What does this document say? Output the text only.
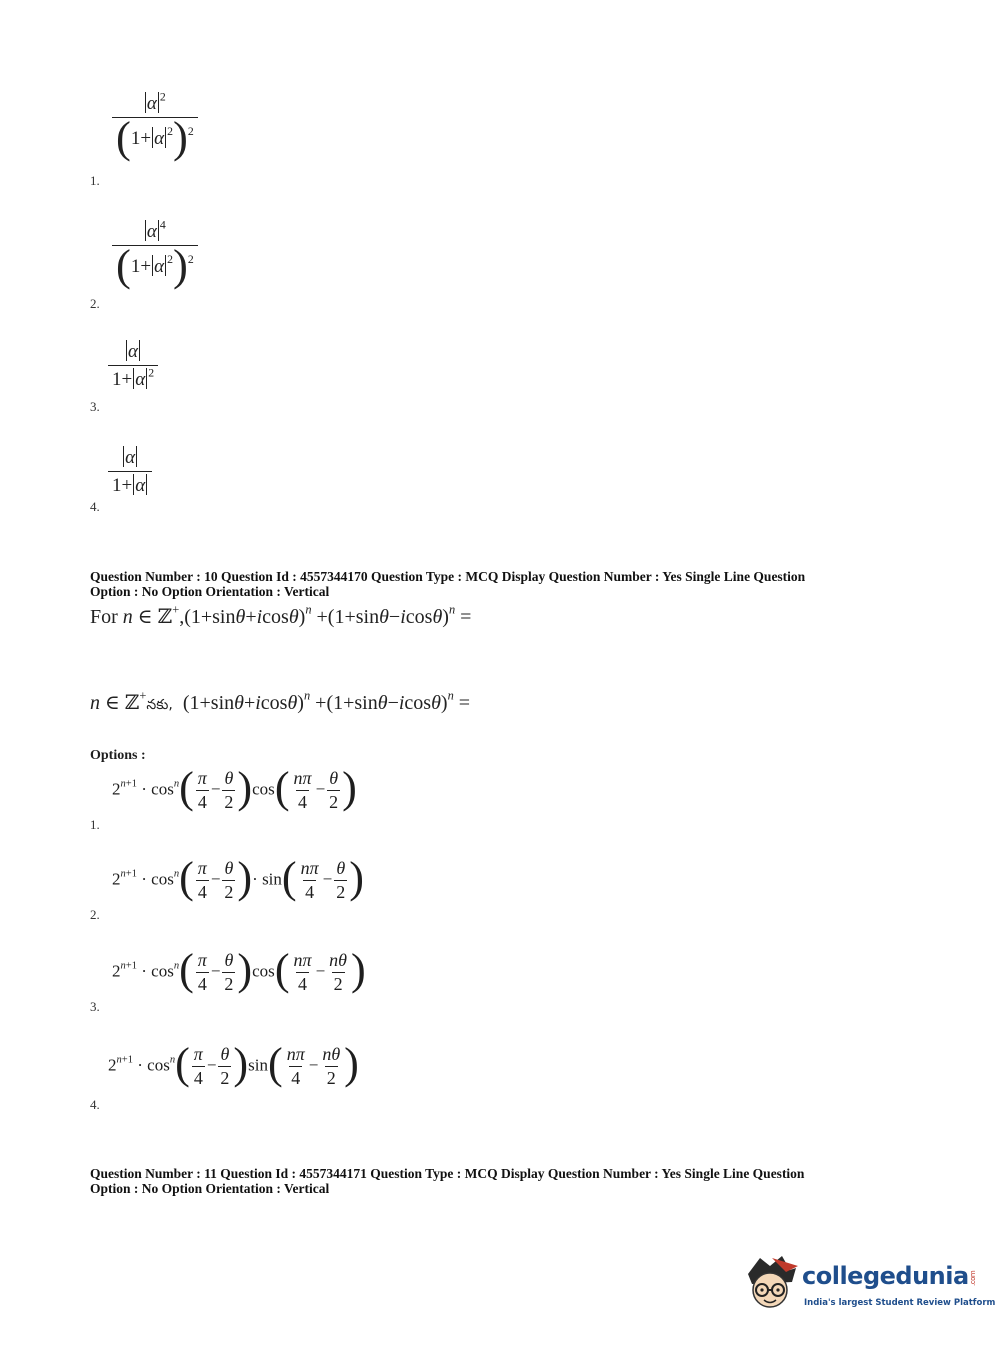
$\frac{\alpha ^2}{(1+ \alpha ^2)^2}$
1.
$\frac{\alpha ^4}{(1+ \alpha ^2)^2}$
2.
$\frac{\alpha}{1+ \alpha ^2}$
3.
$\frac{\alpha}{1+ \alpha}$
4.
Question Number : 10 Question Id : 4557344170 Question Type : MCQ Display Question Number : Yes Single Line Question
Option : No Option Orientation : Vertical
For n ∈ $ℤ^+,(1+\sin\theta+icos\theta)^n +(1+\sin\theta-icos\theta)^n$ =
n ∈ ℤ+నకు,  $(1+\sin\theta+icos\theta)^n +(1+\sin\theta-icos\theta)^n$ =
Options :
$2^{n+1} \cdot \cos^n( \frac{\pi}{4} - \frac{\theta}{2} )\cos( \frac{n\pi}{4} - \frac{\theta}{2}$ )
1.
$2^{n+1} \cdot \cos^n( \frac{\pi}{4} - \frac{\theta}{2}$ )· $\sin( \frac{n\pi}{4} - \frac{\theta}{2}$ )
2.
$2^{n+1} \cdot \cos^n( \frac{\pi}{4} - \frac{\theta}{2} )\cos( \frac{n\pi}{4} - \frac{n\theta}{2}$ )
3.
$2^{n+1} \cdot \cos^n( \frac{\pi}{4} - \frac{\theta}{2} )\sin( \frac{n\pi}{4} - \frac{n\theta}{2}$ )
4.
Question Number : 11 Question Id : 4557344171 Question Type : MCQ Display Question Number : Yes Single Line Question
Option : No Option Orientation : Vertical
collegedunia.com
India's largest Student Review Platform
